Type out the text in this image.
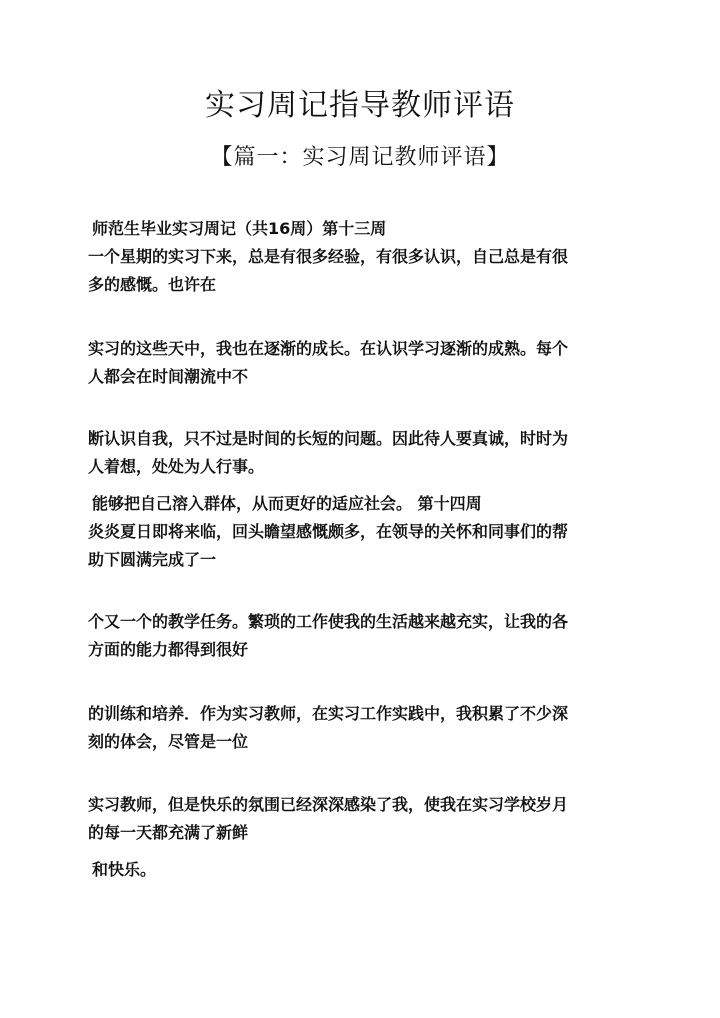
实习周记指导教师评语
【篇一：实习周记教师评语】
师范生毕业实习周记（共16周）第十三周
一个星期的实习下来，总是有很多经验，有很多认识，自己总是有很
多的感慨。也许在
实习的这些天中，我也在逐渐的成长。在认识学习逐渐的成熟。每个
人都会在时间潮流中不
断认识自我，只不过是时间的长短的问题。因此待人要真诚，时时为
人着想，处处为人行事。
能够把自己溶入群体，从而更好的适应社会。 第十四周
炎炎夏日即将来临，回头瞻望感慨颇多，在领导的关怀和同事们的帮
助下圆满完成了一
个又一个的教学任务。繁琐的工作使我的生活越来越充实，让我的各
方面的能力都得到很好
的训练和培养．作为实习教师，在实习工作实践中，我积累了不少深
刻的体会，尽管是一位
实习教师，但是快乐的氛围已经深深感染了我，使我在实习学校岁月
的每一天都充满了新鲜
和快乐。
